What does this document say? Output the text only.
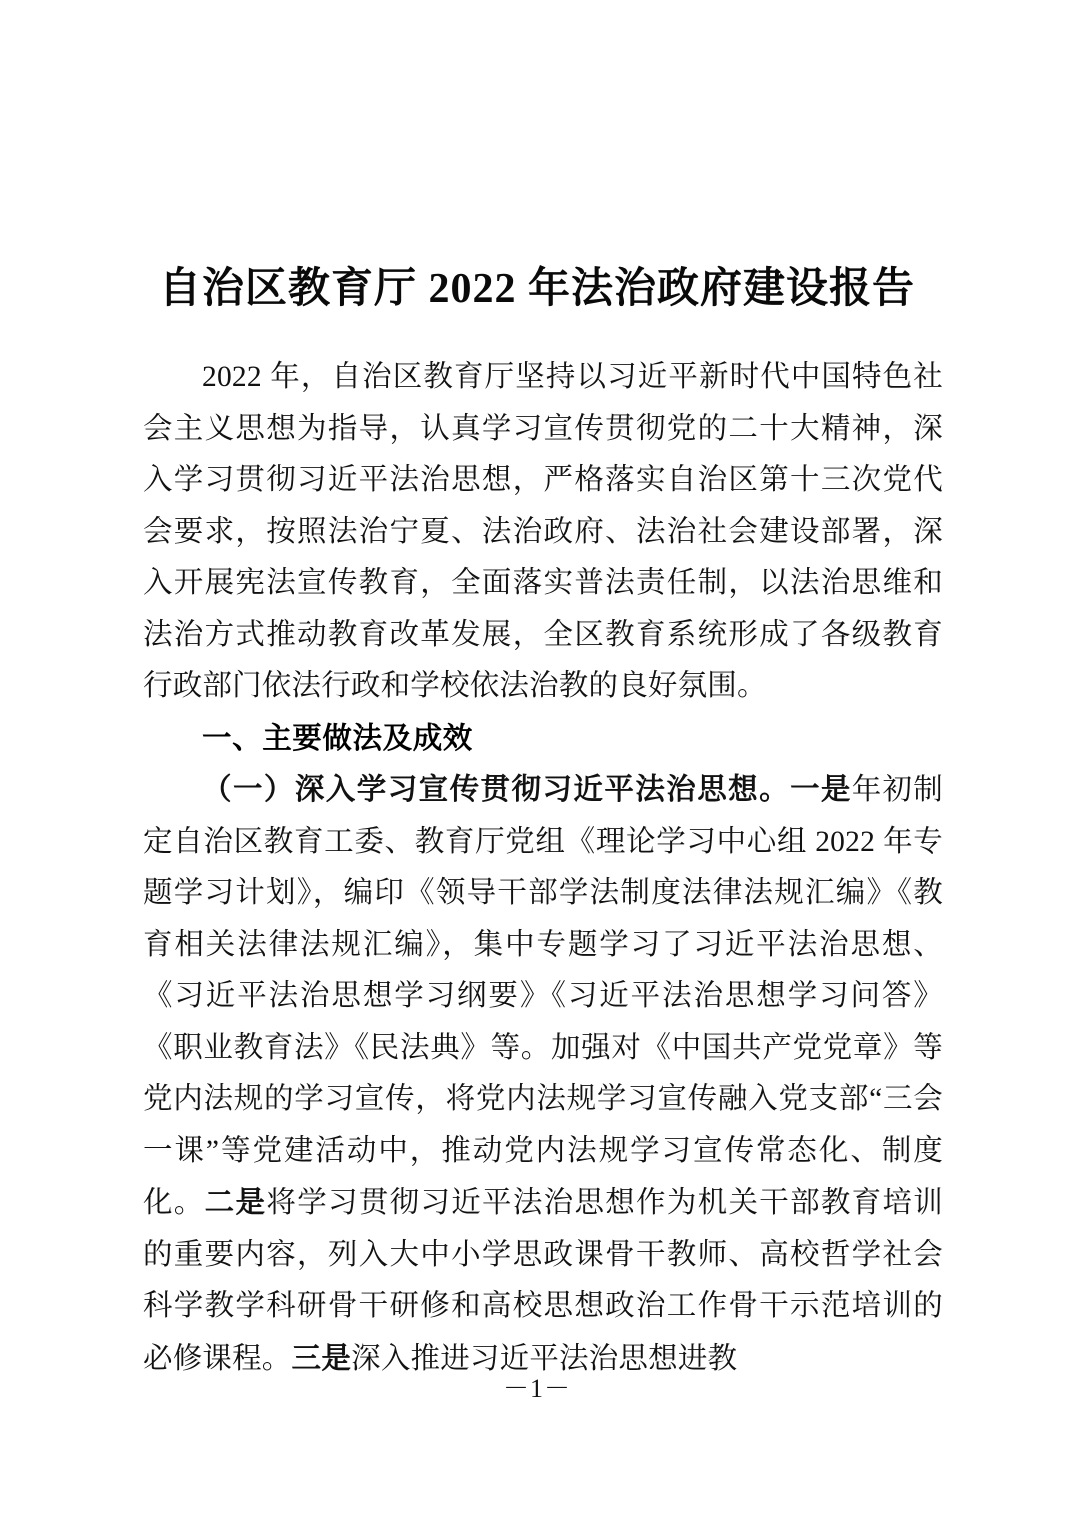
自治区教育厅 2022 年法治政府建设报告

2022 年，自治区教育厅坚持以习近平新时代中国特色社会主义思想为指导，认真学习宣传贯彻党的二十大精神，深入学习贯彻习近平法治思想，严格落实自治区第十三次党代会要求，按照法治宁夏、法治政府、法治社会建设部署，深入开展宪法宣传教育，全面落实普法责任制，以法治思维和法治方式推动教育改革发展，全区教育系统形成了各级教育行政部门依法行政和学校依法治教的良好氛围。

一、主要做法及成效

（一）深入学习宣传贯彻习近平法治思想。一是年初制定自治区教育工委、教育厅党组《理论学习中心组 2022 年专题学习计划》，编印《领导干部学法制度法律法规汇编》《教育相关法律法规汇编》，集中专题学习了习近平法治思想、《习近平法治思想学习纲要》《习近平法治思想学习问答》《职业教育法》《民法典》等。加强对《中国共产党党章》等党内法规的学习宣传，将党内法规学习宣传融入党支部“三会一课”等党建活动中，推动党内法规学习宣传常态化、制度化。二是将学习贯彻习近平法治思想作为机关干部教育培训的重要内容，列入大中小学思政课骨干教师、高校哲学社会科学教学科研骨干研修和高校思想政治工作骨干示范培训的必修课程。三是深入推进习近平法治思想进教

－1－
